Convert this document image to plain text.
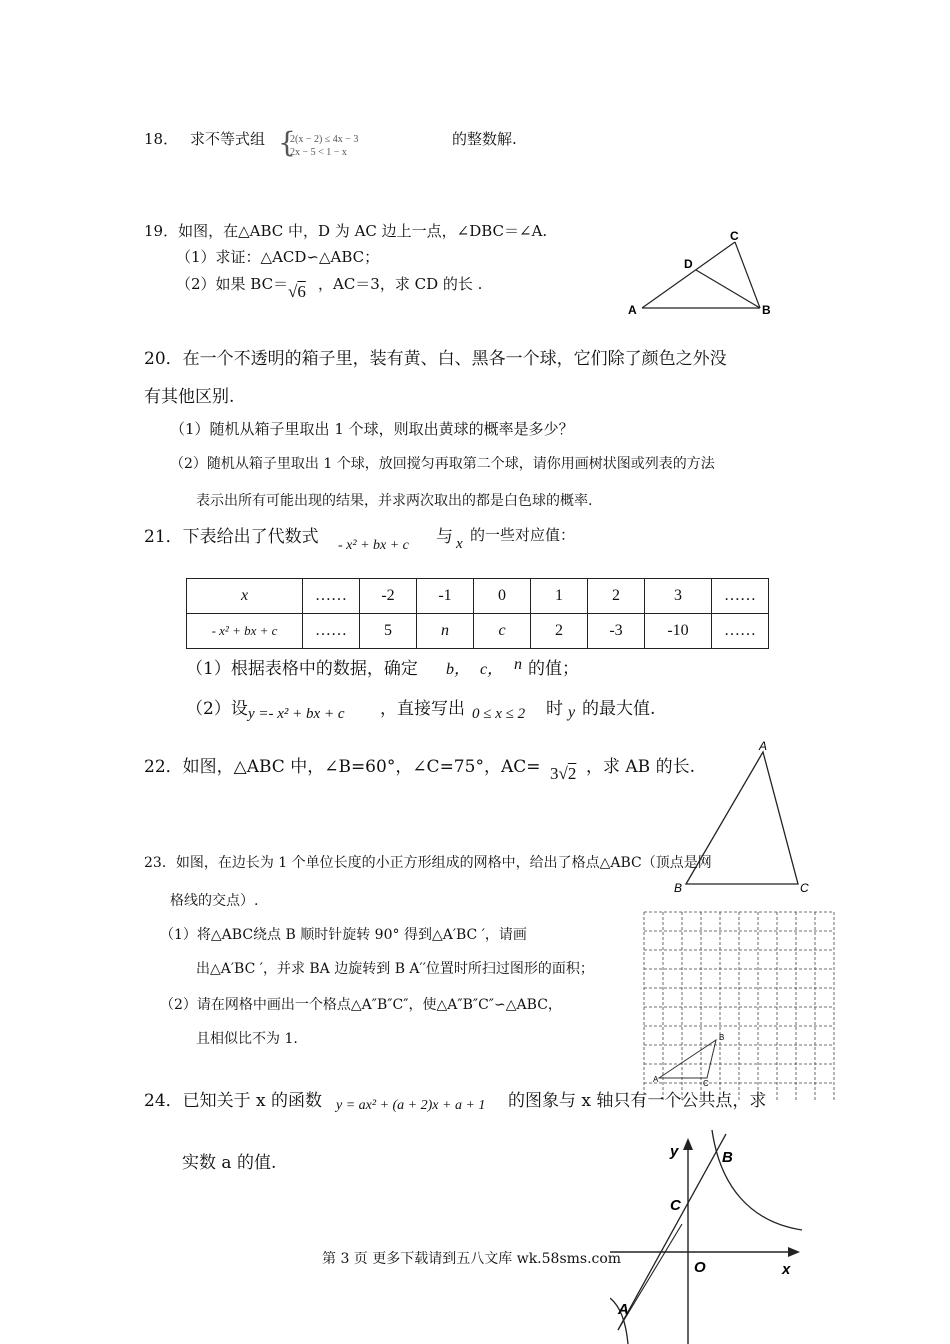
18． 求不等式组 {
2(x − 2) ≤ 4x − 3
2x − 5 < 1 − x
的整数解.
19．如图，在△ABC 中，D 为 AC 边上一点，∠DBC＝∠A.
（1）求证：△ACD∽△ABC；
（2）如果 BC＝ √6 ，AC＝3，求 CD 的长 .
A	B
C
D
20．在一个不透明的箱子里，装有黄、白、黑各一个球，它们除了颜色之外没
有其他区别.
（1）随机从箱子里取出 1 个球，则取出黄球的概率是多少？
（2）随机从箱子里取出 1 个球，放回搅匀再取第二个球，请你用画树状图或列表的方法
表示出所有可能出现的结果，并求两次取出的都是白色球的概率.
21．下表给出了代数式 - x² + bx + c 与 x 的一些对应值：
x	……	-2	-1	0	1	2	3	……
- x² + bx + c	……	5	n	c	2	-3	-10	……
（1）根据表格中的数据，确定 b， c， n 的值；
（2）设 y =- x² + bx + c ，直接写出 0 ≤ x ≤ 2 时 y 的最大值.
22．如图，△ABC 中，∠B=60°，∠C=75°，AC= 3√2 ，求 AB 的长.
A
B	C
23．如图，在边长为 1 个单位长度的小正方形组成的网格中，给出了格点△ABC（顶点是网
格线的交点）.
（1）将△ABC绕点 B 顺时针旋转 90° 得到△A′BC ′，请画
出△A′BC ′，并求 BA 边旋转到 B A′′位置时所扫过图形的面积；
（2）请在网格中画出一个格点△A″B″C″，使△A″B″C″∽△ABC，
且相似比不为 1.
A
B
C
24．已知关于 x 的函数 y = ax² + (a + 2)x + a + 1 的图象与 x 轴只有一个公共点，求
实数 a 的值.
y
x
B
C
O
A
第 3 页 更多下载请到五八文库 wk.58sms.com
